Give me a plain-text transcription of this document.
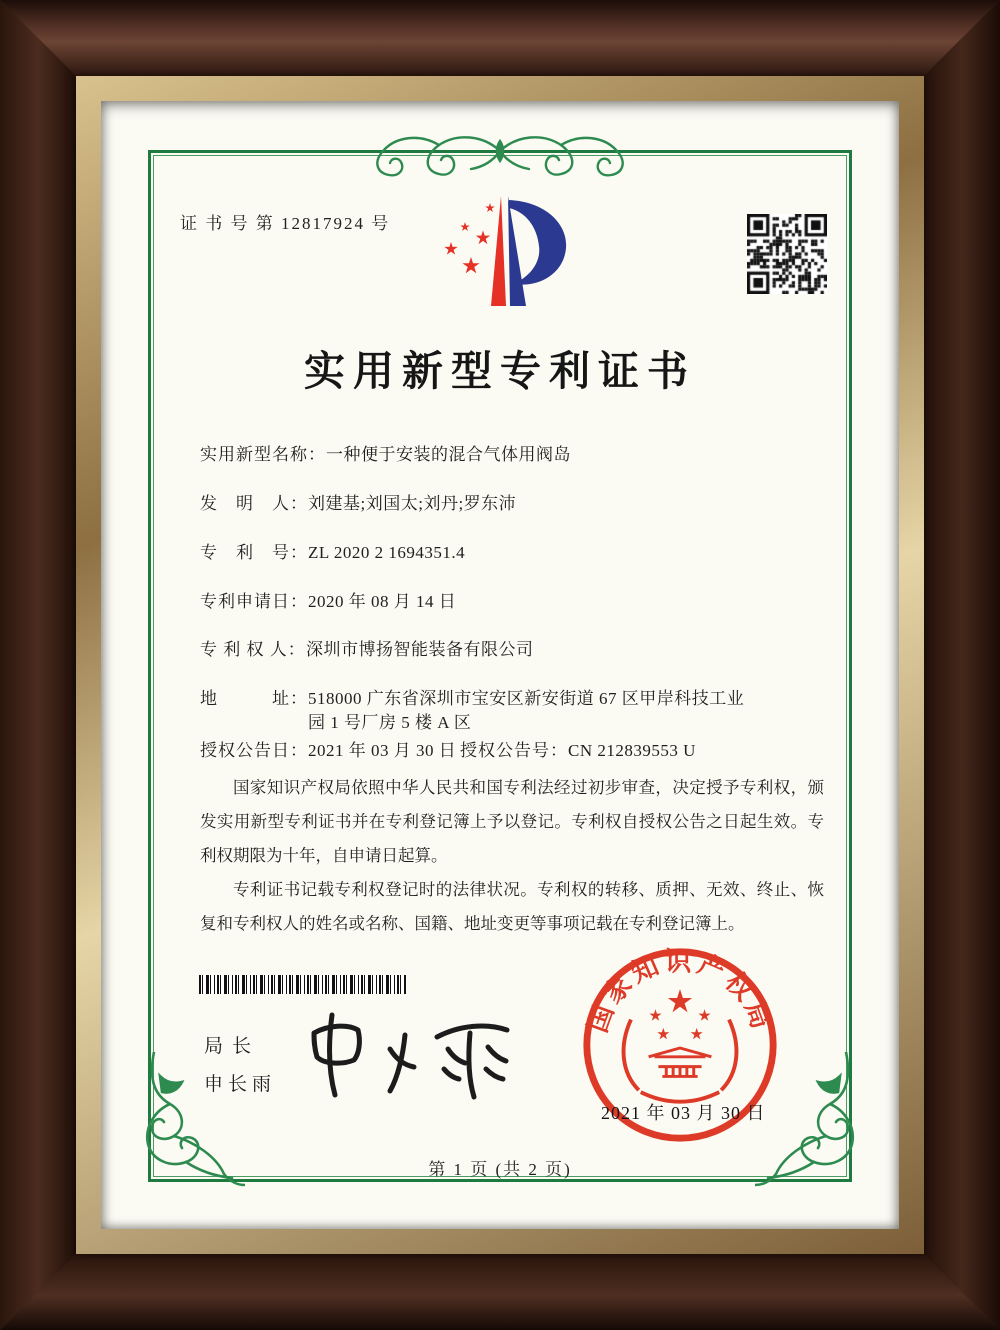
证 书 号 第 12817924 号
实用新型专利证书
实用新型名称：一种便于安装的混合气体用阀岛
发　明　人：刘建基;刘国太;刘丹;罗东沛
专　利　号：ZL 2020 2 1694351.4
专利申请日：2020 年 08 月 14 日
专 利 权 人：深圳市博扬智能装备有限公司
地　　　址：518000 广东省深圳市宝安区新安街道 67 区甲岸科技工业
园 1 号厂房 5 楼 A 区
授权公告日：2021 年 03 月 30 日 授权公告号：CN 212839553 U

国家知识产权局依照中华人民共和国专利法经过初步审查，决定授予专利权，颁发实用新型专利证书并在专利登记簿上予以登记。专利权自授权公告之日起生效。专利权期限为十年，自申请日起算。

专利证书记载专利权登记时的法律状况。专利权的转移、质押、无效、终止、恢复和专利权人的姓名或名称、国籍、地址变更等事项记载在专利登记簿上。

局长
申长雨
国家知识产权局
2021 年 03 月 30 日
第 1 页 (共 2 页)
